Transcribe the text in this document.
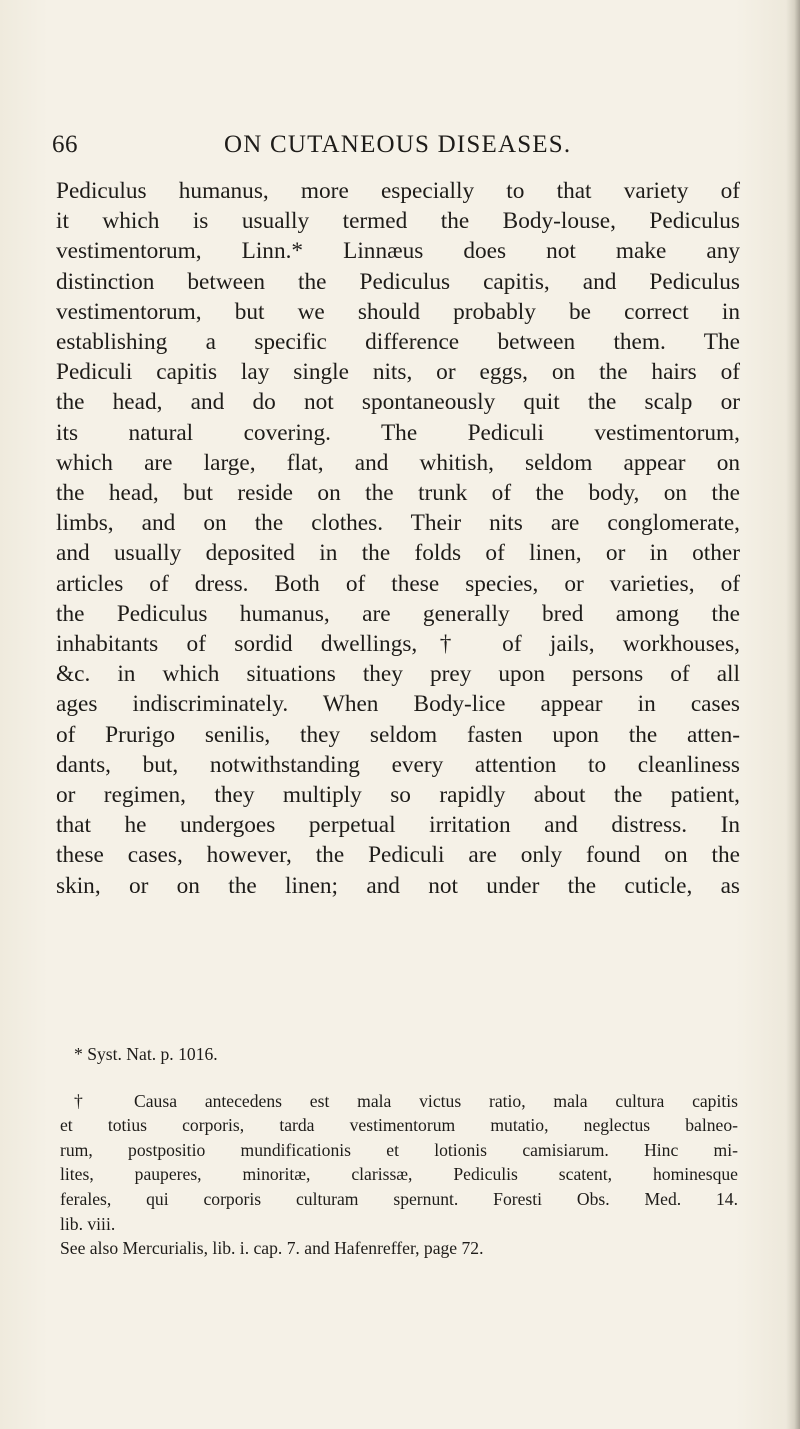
66	ON CUTANEOUS DISEASES.
Pediculus humanus, more especially to that variety of
it which is usually termed the Body-louse, Pediculus
vestimentorum, Linn.* Linnæus does not make any
distinction between the Pediculus capitis, and Pediculus
vestimentorum, but we should probably be correct in
establishing a specific difference between them. The
Pediculi capitis lay single nits, or eggs, on the hairs of
the head, and do not spontaneously quit the scalp or
its natural covering. The Pediculi vestimentorum,
which are large, flat, and whitish, seldom appear on
the head, but reside on the trunk of the body, on the
limbs, and on the clothes. Their nits are conglomerate,
and usually deposited in the folds of linen, or in other
articles of dress. Both of these species, or varieties, of
the Pediculus humanus, are generally bred among the
inhabitants of sordid dwellings,† of jails, workhouses,
&c. in which situations they prey upon persons of all
ages indiscriminately. When Body-lice appear in cases
of Prurigo senilis, they seldom fasten upon the atten-
dants, but, notwithstanding every attention to cleanliness
or regimen, they multiply so rapidly about the patient,
that he undergoes perpetual irritation and distress. In
these cases, however, the Pediculi are only found on the
skin, or on the linen; and not under the cuticle, as
* Syst. Nat. p. 1016.
† Causa antecedens est mala victus ratio, mala cultura capitis
et totius corporis, tarda vestimentorum mutatio, neglectus balneo-
rum, postpositio mundificationis et lotionis camisiarum. Hinc mi-
lites, pauperes, minoritæ, clarissæ, Pediculis scatent, hominesque
ferales, qui corporis culturam spernunt. Foresti Obs. Med. 14.
lib. viii.
See also Mercurialis, lib. i. cap. 7. and Hafenreffer, page 72.
